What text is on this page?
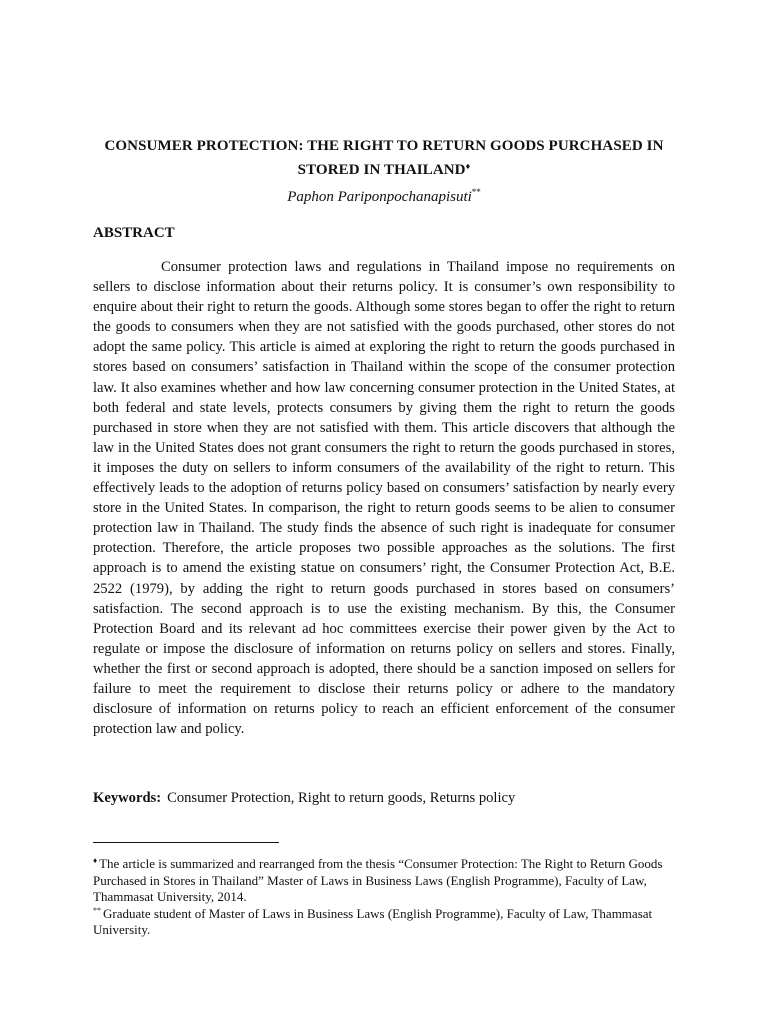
CONSUMER PROTECTION: THE RIGHT TO RETURN GOODS PURCHASED IN
STORED IN THAILAND♦
Paphon Pariponpochanapisuti**
ABSTRACT

Consumer protection laws and regulations in Thailand impose no requirements on sellers to disclose information about their returns policy. It is consumer’s own responsibility to enquire about their right to return the goods. Although some stores began to offer the right to return the goods to consumers when they are not satisfied with the goods purchased, other stores do not adopt the same policy. This article is aimed at exploring the right to return the goods purchased in stores based on consumers’ satisfaction in Thailand within the scope of the consumer protection law. It also examines whether and how law concerning consumer protection in the United States, at both federal and state levels, protects consumers by giving them the right to return the goods purchased in store when they are not satisfied with them. This article discovers that although the law in the United States does not grant consumers the right to return the goods purchased in stores, it imposes the duty on sellers to inform consumers of the availability of the right to return. This effectively leads to the adoption of returns policy based on consumers’ satisfaction by nearly every store in the United States. In comparison, the right to return goods seems to be alien to consumer protection law in Thailand. The study finds the absence of such right is inadequate for consumer protection. Therefore, the article proposes two possible approaches as the solutions. The first approach is to amend the existing statue on consumers’ right, the Consumer Protection Act, B.E. 2522 (1979), by adding the right to return goods purchased in stores based on consumers’ satisfaction. The second approach is to use the existing mechanism. By this, the Consumer Protection Board and its relevant ad hoc committees exercise their power given by the Act to regulate or impose the disclosure of information on returns policy on sellers and stores. Finally, whether the first or second approach is adopted, there should be a sanction imposed on sellers for failure to meet the requirement to disclose their returns policy or adhere to the mandatory disclosure of information on returns policy to reach an efficient enforcement of the consumer protection law and policy.

Keywords: Consumer Protection, Right to return goods, Returns policy

♦ The article is summarized and rearranged from the thesis “Consumer Protection: The Right to Return Goods Purchased in Stores in Thailand” Master of Laws in Business Laws (English Programme), Faculty of Law, Thammasat University, 2014.

** Graduate student of Master of Laws in Business Laws (English Programme), Faculty of Law, Thammasat University.
